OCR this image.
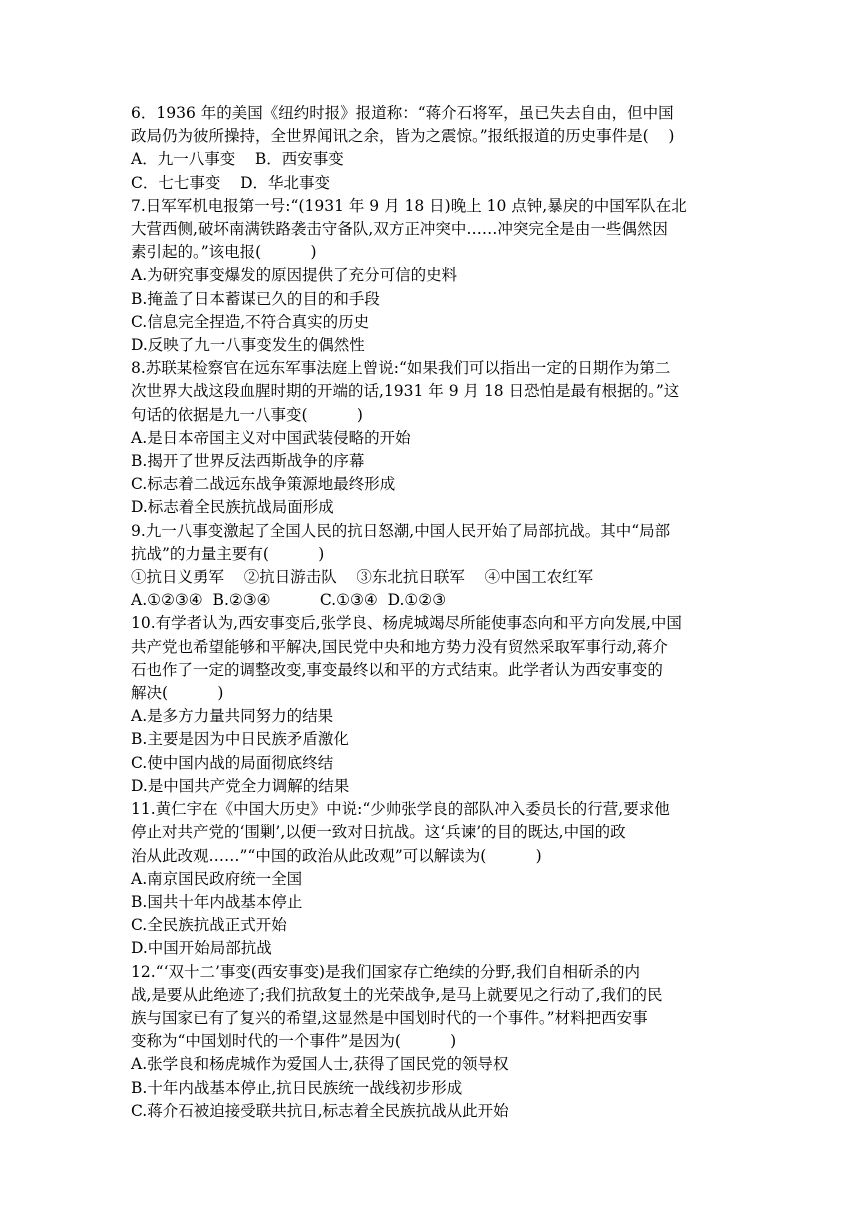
6．1936 年的美国《纽约时报》报道称：“蒋介石将军，虽已失去自由，但中国
政局仍为彼所操持，全世界闻讯之余，皆为之震惊。”报纸报道的历史事件是(    )
A．九一八事变    B．西安事变
C．七七事变    D．华北事变
7.日军军机电报第一号:“(1931 年 9 月 18 日)晚上 10 点钟,暴戾的中国军队在北
大营西侧,破坏南满铁路袭击守备队,双方正冲突中……冲突完全是由一些偶然因
素引起的。”该电报(          )
A.为研究事变爆发的原因提供了充分可信的史料
B.掩盖了日本蓄谋已久的目的和手段
C.信息完全捏造,不符合真实的历史
D.反映了九一八事变发生的偶然性
8.苏联某检察官在远东军事法庭上曾说:“如果我们可以指出一定的日期作为第二
次世界大战这段血腥时期的开端的话,1931 年 9 月 18 日恐怕是最有根据的。”这
句话的依据是九一八事变(          )
A.是日本帝国主义对中国武装侵略的开始
B.揭开了世界反法西斯战争的序幕
C.标志着二战远东战争策源地最终形成
D.标志着全民族抗战局面形成
9.九一八事变激起了全国人民的抗日怒潮,中国人民开始了局部抗战。其中“局部
抗战”的力量主要有(          )
①抗日义勇军    ②抗日游击队    ③东北抗日联军    ④中国工农红军
A.①②③④  B.②③④          C.①③④  D.①②③
10.有学者认为,西安事变后,张学良、杨虎城竭尽所能使事态向和平方向发展,中国
共产党也希望能够和平解决,国民党中央和地方势力没有贸然采取军事行动,蒋介
石也作了一定的调整改变,事变最终以和平的方式结束。此学者认为西安事变的
解决(          )
A.是多方力量共同努力的结果
B.主要是因为中日民族矛盾激化
C.使中国内战的局面彻底终结
D.是中国共产党全力调解的结果
11.黄仁宇在《中国大历史》中说:“少帅张学良的部队冲入委员长的行营,要求他
停止对共产党的‘围剿’,以便一致对日抗战。这‘兵谏’的目的既达,中国的政
治从此改观……”“中国的政治从此改观”可以解读为(          )
A.南京国民政府统一全国
B.国共十年内战基本停止
C.全民族抗战正式开始
D.中国开始局部抗战
12.“‘双十二’事变(西安事变)是我们国家存亡绝续的分野,我们自相斫杀的内
战,是要从此绝迹了;我们抗敌复土的光荣战争,是马上就要见之行动了,我们的民
族与国家已有了复兴的希望,这显然是中国划时代的一个事件。”材料把西安事
变称为“中国划时代的一个事件”是因为(          )
A.张学良和杨虎城作为爱国人士,获得了国民党的领导权
B.十年内战基本停止,抗日民族统一战线初步形成
C.蒋介石被迫接受联共抗日,标志着全民族抗战从此开始
